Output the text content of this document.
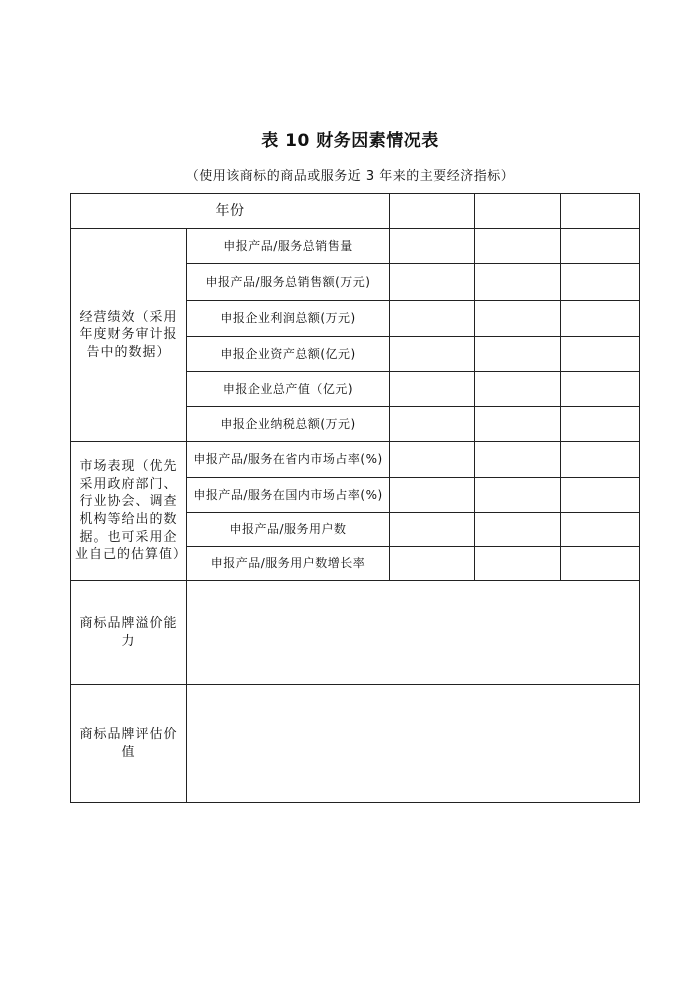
表 10 财务因素情况表
（使用该商标的商品或服务近 3 年来的主要经济指标）
年份				
经营绩效（采用年度财务审计报告中的数据）	申报产品/服务总销售量			
	申报产品/服务总销售额(万元)			
	申报企业利润总额(万元)			
	申报企业资产总额(亿元)			
	申报企业总产值（亿元)			
	申报企业纳税总额(万元)			
市场表现（优先采用政府部门、行业协会、调查机构等给出的数据。也可采用企业自己的估算值）	申报产品/服务在省内市场占率(%)			
	申报产品/服务在国内市场占率(%)			
	申报产品/服务用户数			
	申报产品/服务用户数增长率			
商标品牌溢价能力				
商标品牌评估价值				
